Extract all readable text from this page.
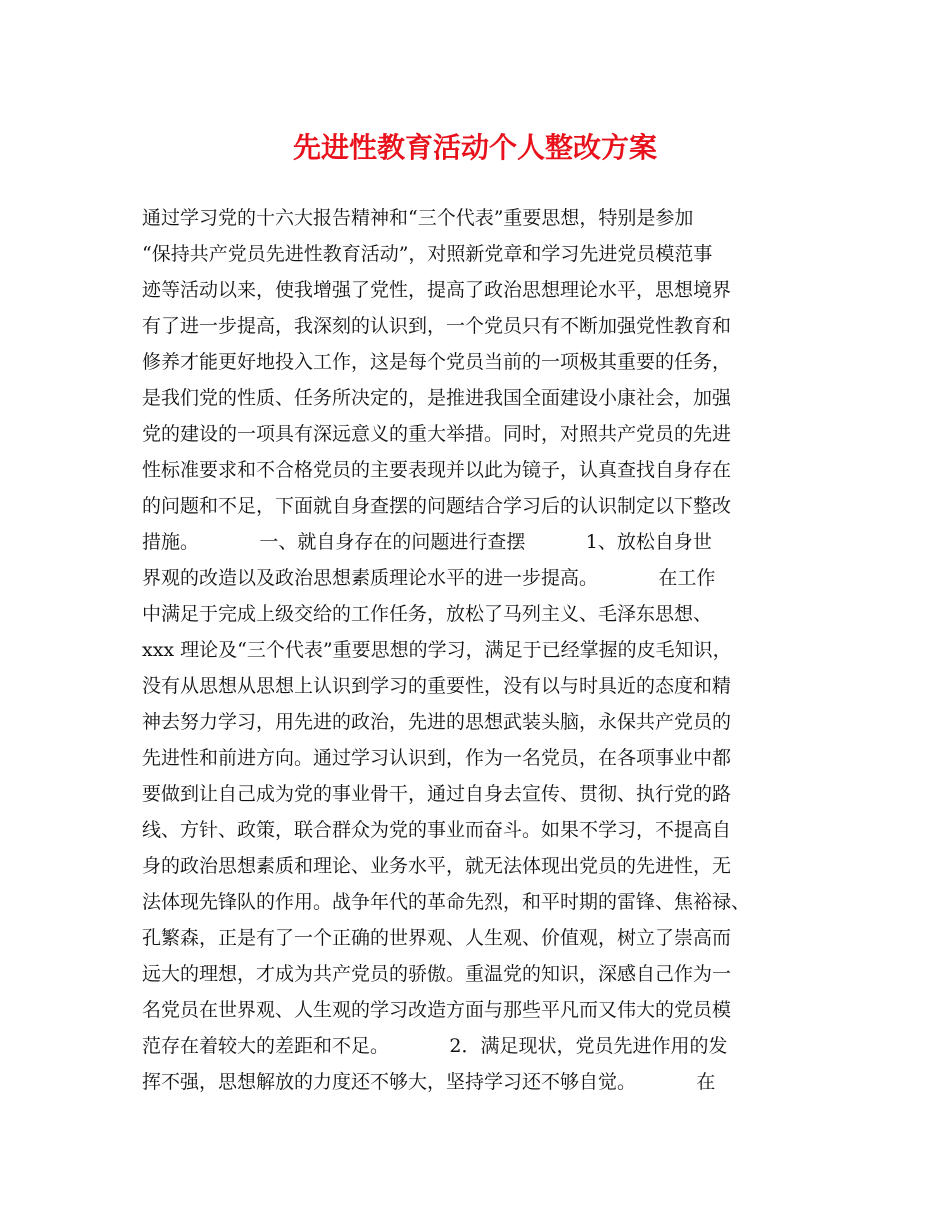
先进性教育活动个人整改方案
通过学习党的十六大报告精神和“三个代表”重要思想，特别是参加
“保持共产党员先进性教育活动”，对照新党章和学习先进党员模范事
迹等活动以来，使我增强了党性，提高了政治思想理论水平，思想境界
有了进一步提高，我深刻的认识到，一个党员只有不断加强党性教育和
修养才能更好地投入工作，这是每个党员当前的一项极其重要的任务，
是我们党的性质、任务所决定的，是推进我国全面建设小康社会，加强
党的建设的一项具有深远意义的重大举措。同时，对照共产党员的先进
性标准要求和不合格党员的主要表现并以此为镜子，认真查找自身存在
的问题和不足，下面就自身查摆的问题结合学习后的认识制定以下整改
措施。          一、就自身存在的问题进行查摆          1、放松自身世
界观的改造以及政治思想素质理论水平的进一步提高。          在工作
中满足于完成上级交给的工作任务，放松了马列主义、毛泽东思想、
xxx 理论及“三个代表”重要思想的学习，满足于已经掌握的皮毛知识，
没有从思想从思想上认识到学习的重要性，没有以与时具近的态度和精
神去努力学习，用先进的政治，先进的思想武装头脑，永保共产党员的
先进性和前进方向。通过学习认识到，作为一名党员，在各项事业中都
要做到让自己成为党的事业骨干，通过自身去宣传、贯彻、执行党的路
线、方针、政策，联合群众为党的事业而奋斗。如果不学习，不提高自
身的政治思想素质和理论、业务水平，就无法体现出党员的先进性，无
法体现先锋队的作用。战争年代的革命先烈，和平时期的雷锋、焦裕禄、
孔繁森，正是有了一个正确的世界观、人生观、价值观，树立了崇高而
远大的理想，才成为共产党员的骄傲。重温党的知识，深感自己作为一
名党员在世界观、人生观的学习改造方面与那些平凡而又伟大的党员模
范存在着较大的差距和不足。          2．满足现状，党员先进作用的发
挥不强，思想解放的力度还不够大，坚持学习还不够自觉。          在
